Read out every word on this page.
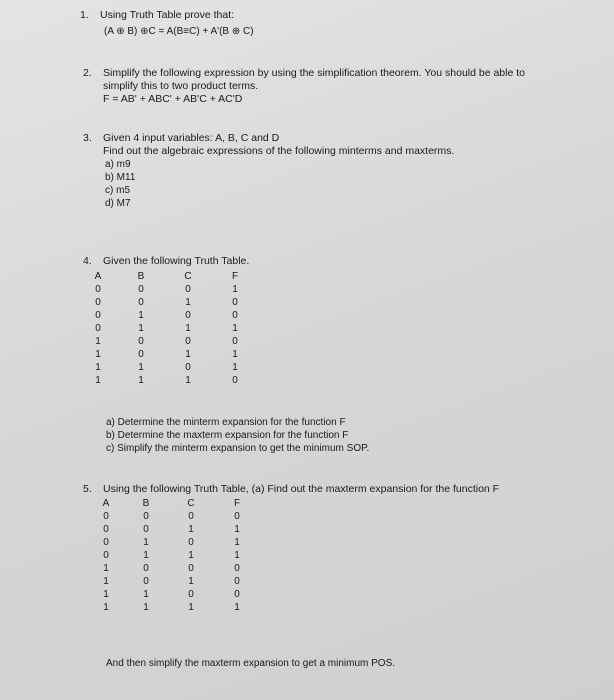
1. Using Truth Table prove that:
(A ⊕ B) ⊕C = A(B≡C) + A'(B ⊕ C)
2. Simplify the following expression by using the simplification theorem. You should be able to
simplify this to two product terms.
F = AB' + ABC' + AB'C + AC'D
3. Given 4 input variables: A, B, C and D
Find out the algebraic expressions of the following minterms and maxterms.
a) m9
b) M11
c) m5
d) M7
4. Given the following Truth Table.
A	B	C	F
0	0	0	1
0	0	1	0
0	1	0	0
0	1	1	1
1	0	0	0
1	0	1	1
1	1	0	1
1	1	1	0
a) Determine the minterm expansion for the function F
b) Determine the maxterm expansion for the function F
c) Simplify the minterm expansion to get the minimum SOP.
5. Using the following Truth Table, (a) Find out the maxterm expansion for the function F
A	B	C	F
0	0	0	0
0	0	1	1
0	1	0	1
0	1	1	1
1	0	0	0
1	0	1	0
1	1	0	0
1	1	1	1
And then simplify the maxterm expansion to get a minimum POS.
